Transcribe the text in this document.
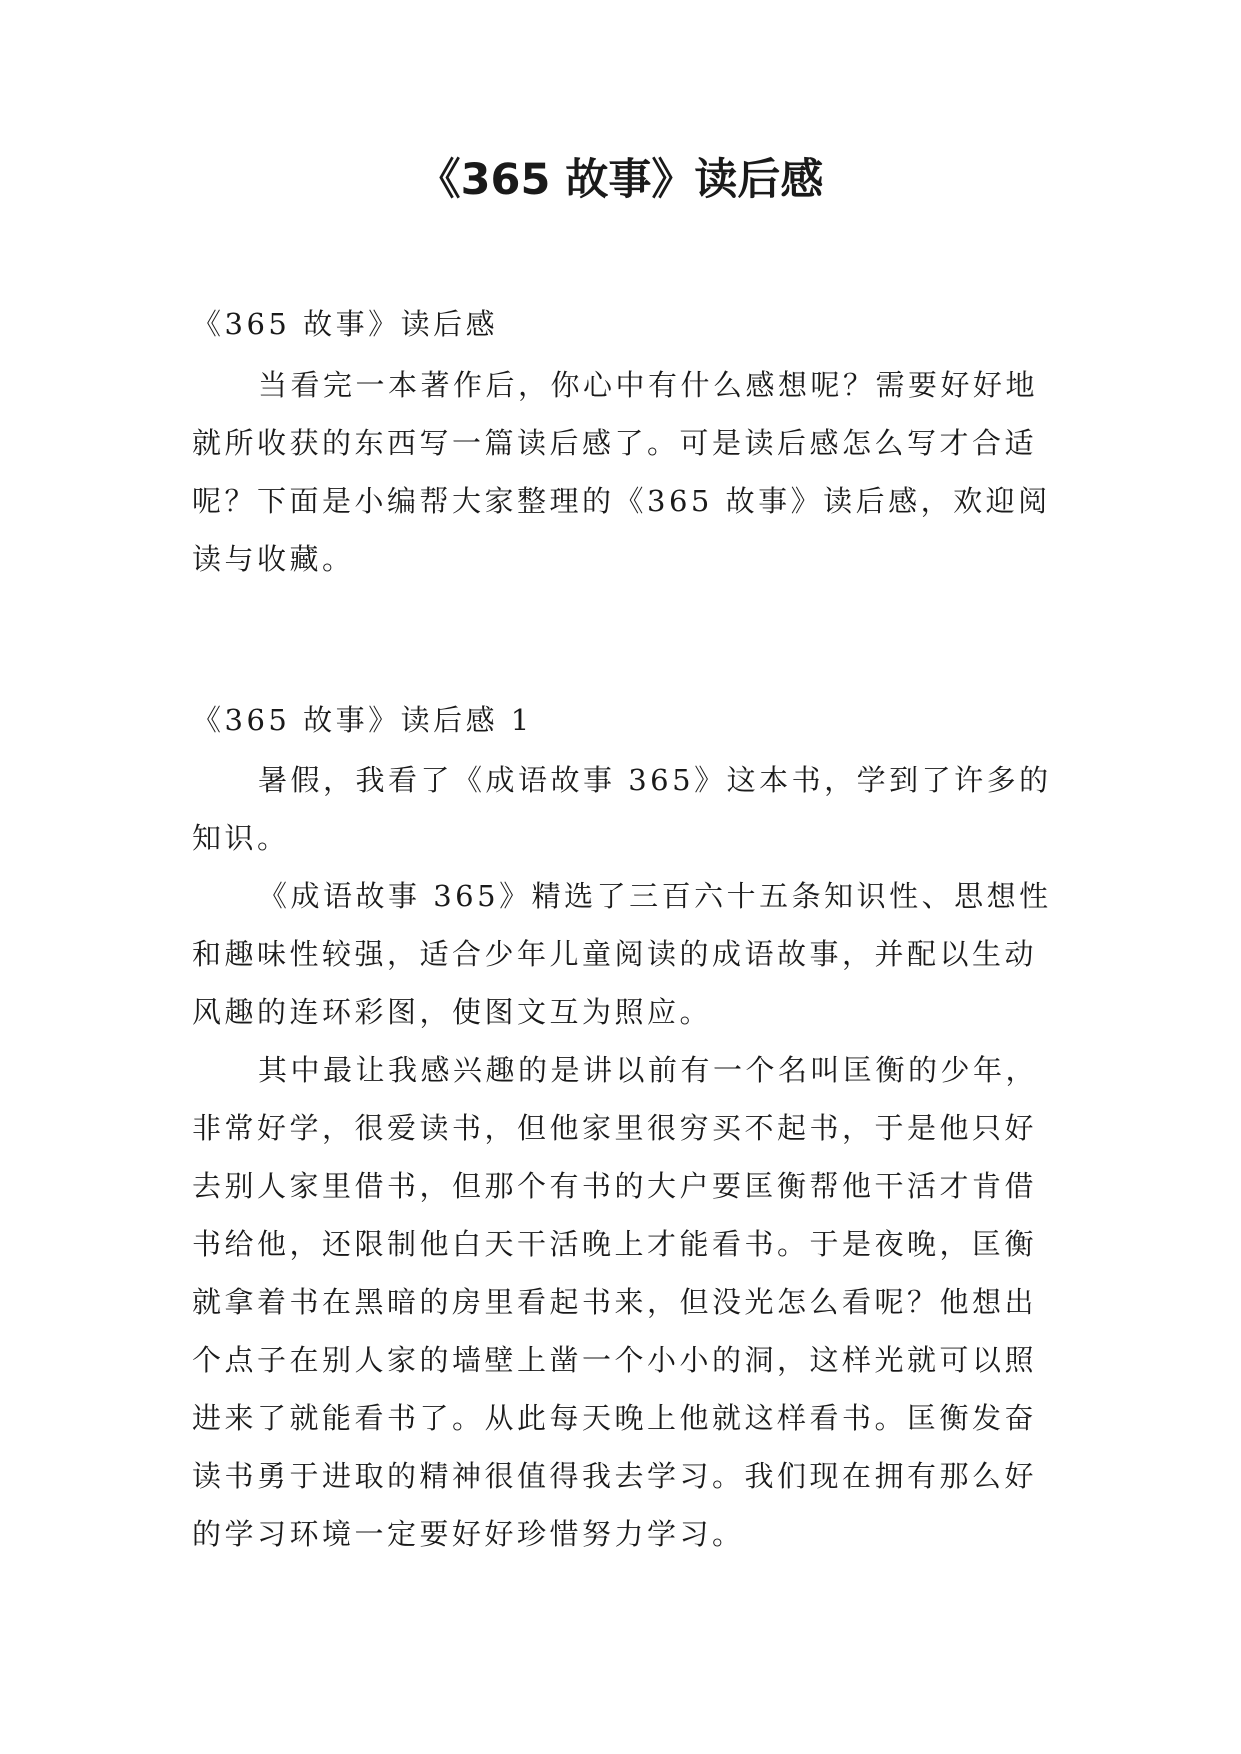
《365 故事》读后感

《365 故事》读后感

当看完一本著作后，你心中有什么感想呢？需要好好地
就所收获的东西写一篇读后感了。可是读后感怎么写才合适
呢？下面是小编帮大家整理的《365 故事》读后感，欢迎阅
读与收藏。

《365 故事》读后感 1

暑假，我看了《成语故事 365》这本书，学到了许多的
知识。
《成语故事 365》精选了三百六十五条知识性、思想性
和趣味性较强，适合少年儿童阅读的成语故事，并配以生动
风趣的连环彩图，使图文互为照应。
其中最让我感兴趣的是讲以前有一个名叫匡衡的少年，
非常好学，很爱读书，但他家里很穷买不起书，于是他只好
去别人家里借书，但那个有书的大户要匡衡帮他干活才肯借
书给他，还限制他白天干活晚上才能看书。于是夜晚，匡衡
就拿着书在黑暗的房里看起书来，但没光怎么看呢？他想出
个点子在别人家的墙壁上凿一个小小的洞，这样光就可以照
进来了就能看书了。从此每天晚上他就这样看书。匡衡发奋
读书勇于进取的精神很值得我去学习。我们现在拥有那么好
的学习环境一定要好好珍惜努力学习。
